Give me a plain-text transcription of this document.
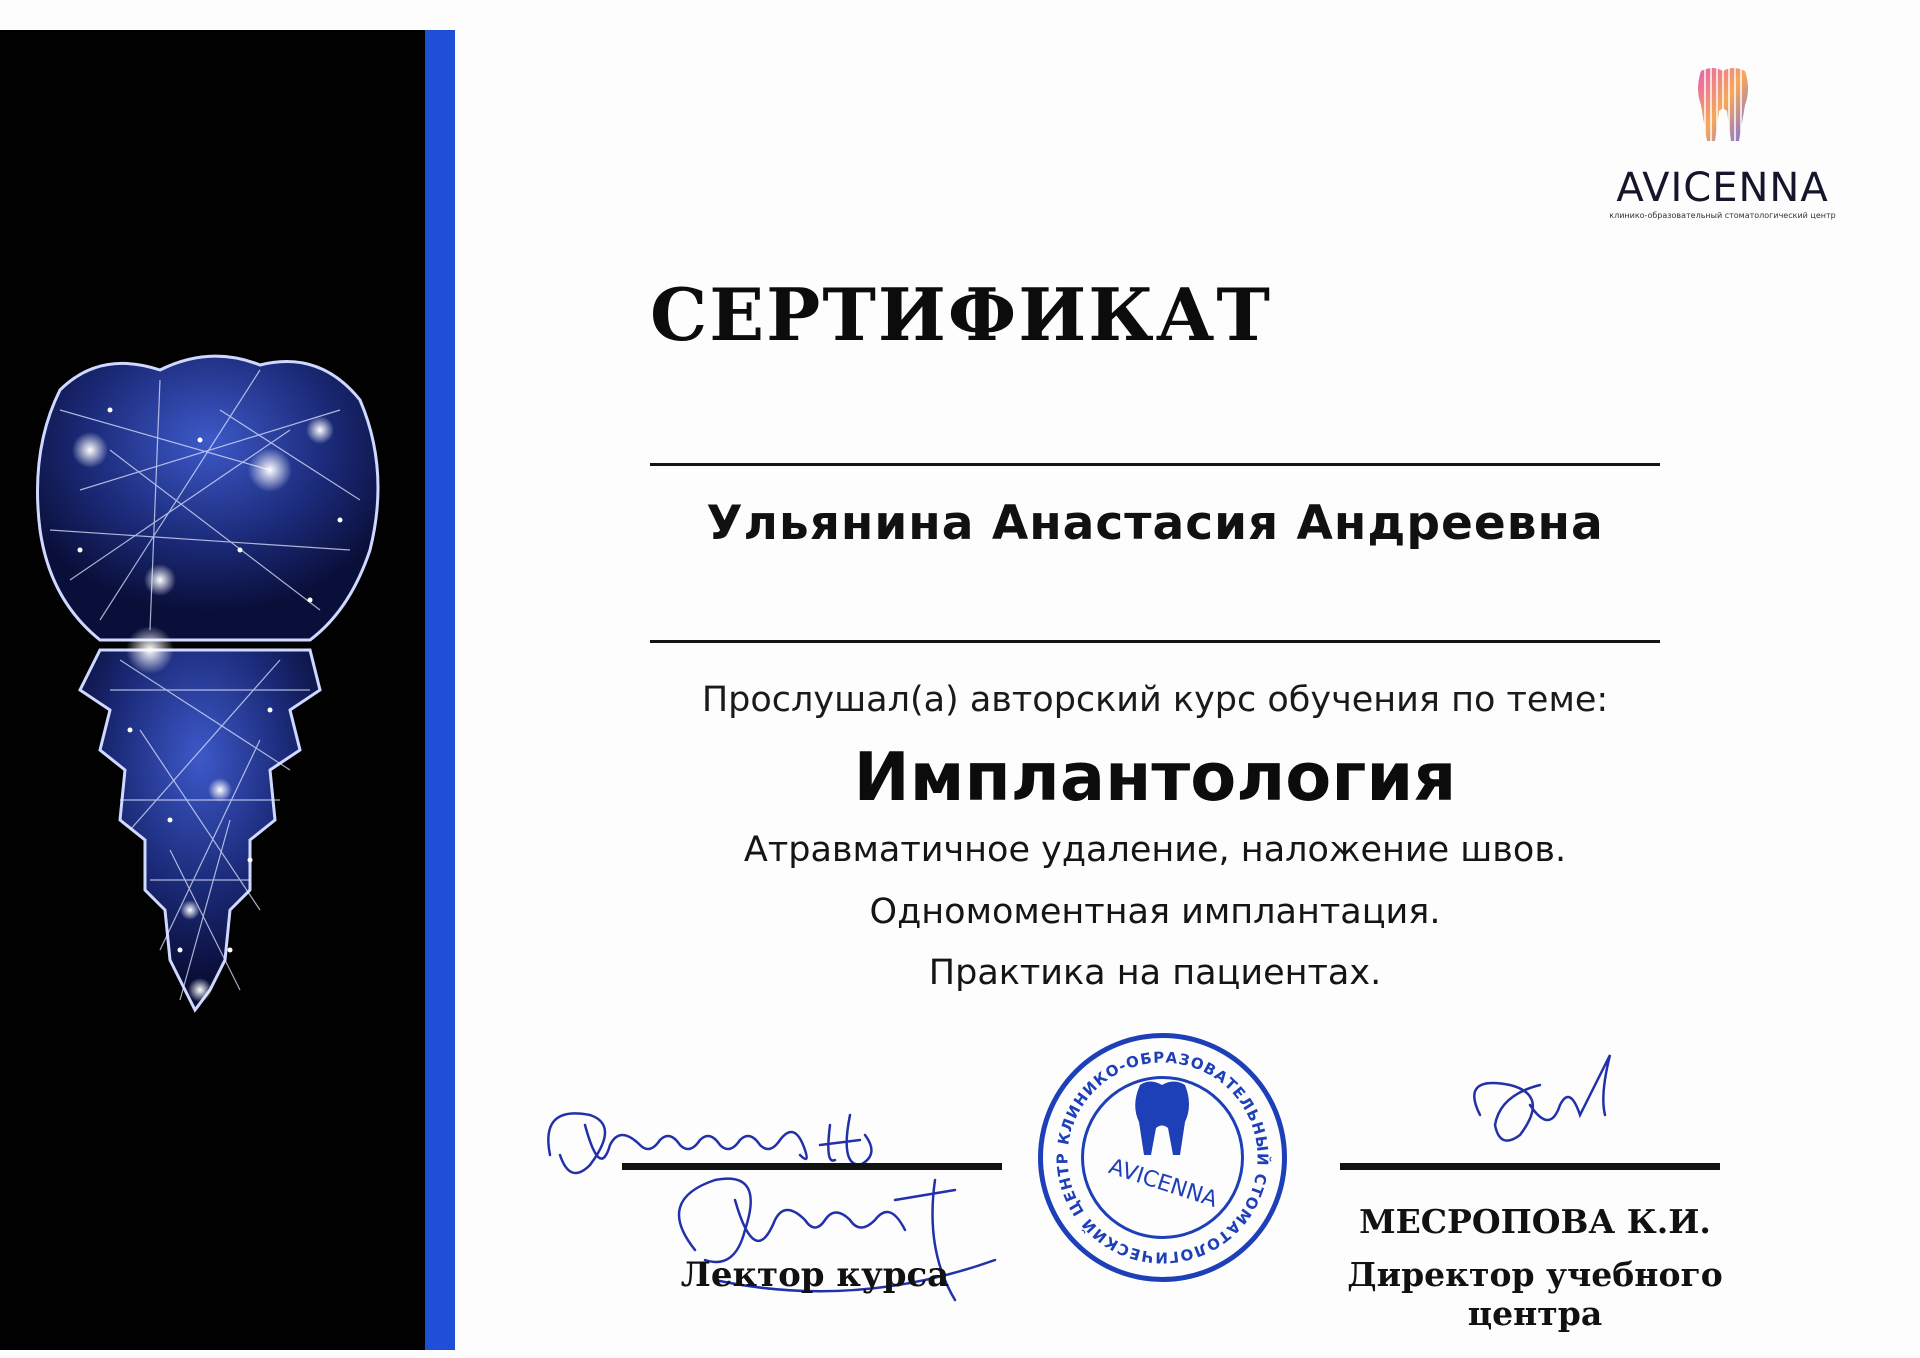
AVICENNA
клинико-образовательный стоматологический центр
СЕРТИФИКАТ
Ульянина Анастасия Андреевна
Прослушал(а) авторский курс обучения по теме:
Имплантология
Атравматичное удаление, наложение швов.
Одномоментная имплантация.
Практика на пациентах.
Лектор курса
КЛИНИКО-ОБРАЗОВАТЕЛЬНЫЙ СТОМАТОЛОГИЧЕСКИЙ ЦЕНТР	AVICENNA
МЕСРОПОВА К.И.
Директор учебного центра
